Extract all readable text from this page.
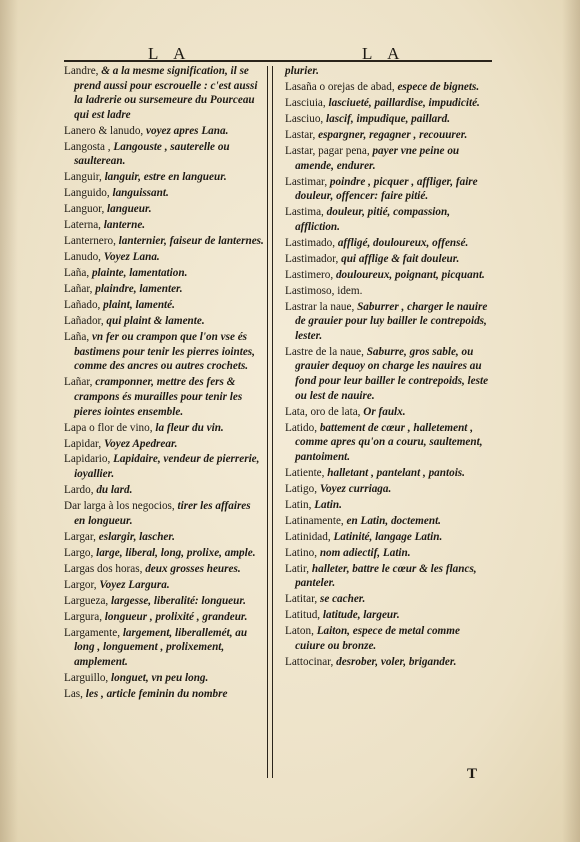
L A	L A

Landre, & a la mesme signification, il se prend aussi pour escrouelle : c'est aussi la ladrerie ou sursemeure du Pourceau qui est ladre

Lanero & lanudo, voyez apres Lana.

Langosta , Langouste , sauterelle ou saulterean.

Languir, languir, estre en langueur.

Languido, languissant.

Languor, langueur.

Laterna, lanterne.

Lanternero, lanternier, faiseur de lanternes.

Lanudo, Voyez Lana.

Laña, plainte, lamentation.

Lañar, plaindre, lamenter.

Lañado, plaint, lamenté.

Lañador, qui plaint & lamente.

Laña, vn fer ou crampon que l'on vse és bastimens pour tenir les pierres iointes, comme des ancres ou autres crochets.

Lañar, cramponner, mettre des fers & crampons és murailles pour tenir les pieres iointes ensemble.

Lapa o flor de vino, la fleur du vin.

Lapidar, Voyez Apedrear.

Lapidario, Lapidaire, vendeur de pierrerie, ioyallier.

Lardo, du lard.

Dar larga à los negocios, tirer les affaires en longueur.

Largar, eslargir, lascher.

Largo, large, liberal, long, prolixe, ample.

Largas dos horas, deux grosses heures.

Largor, Voyez Largura.

Largueza, largesse, liberalité: longueur.

Largura, longueur , prolixité , grandeur.

Largamente, largement, liberallemét, au long , longuement , prolixement, amplement.

Larguillo, longuet, vn peu long.

Las, les , article feminin du nombre

plurier.

Lasaña o orejas de abad, espece de bignets.

Lasciuia, lasciueté, paillardise, impudicité.

Lasciuo, lascif, impudique, paillard.

Lastar, espargner, regagner , recouurer.

Lastar, pagar pena, payer vne peine ou amende, endurer.

Lastimar, poindre , picquer , affliger, faire douleur, offencer: faire pitié.

Lastima, douleur, pitié, compassion, affliction.

Lastimado, affligé, douloureux, offensé.

Lastimador, qui afflige & fait douleur.

Lastimero, douloureux, poignant, picquant.

Lastimoso, idem.

Lastrar la naue, Saburrer , charger le nauire de grauier pour luy bailler le contrepoids, lester.

Lastre de la naue, Saburre, gros sable, ou grauier dequoy on charge les nauires au fond pour leur bailler le contrepoids, leste ou lest de nauire.

Lata, oro de lata, Or faulx.

Latido, battement de cœur , halletement , comme apres qu'on a couru, saultement, pantoiment.

Latiente, halletant , pantelant , pantois.

Latigo, Voyez curriaga.

Latin, Latin.

Latinamente, en Latin, doctement.

Latinidad, Latinité, langage Latin.

Latino, nom adiectif, Latin.

Latir, halleter, battre le cœur & les flancs, panteler.

Latitar, se cacher.

Latitud, latitude, largeur.

Laton, Laiton, espece de metal comme cuiure ou bronze.

Lattocinar, desrober, voler, brigander.

T
